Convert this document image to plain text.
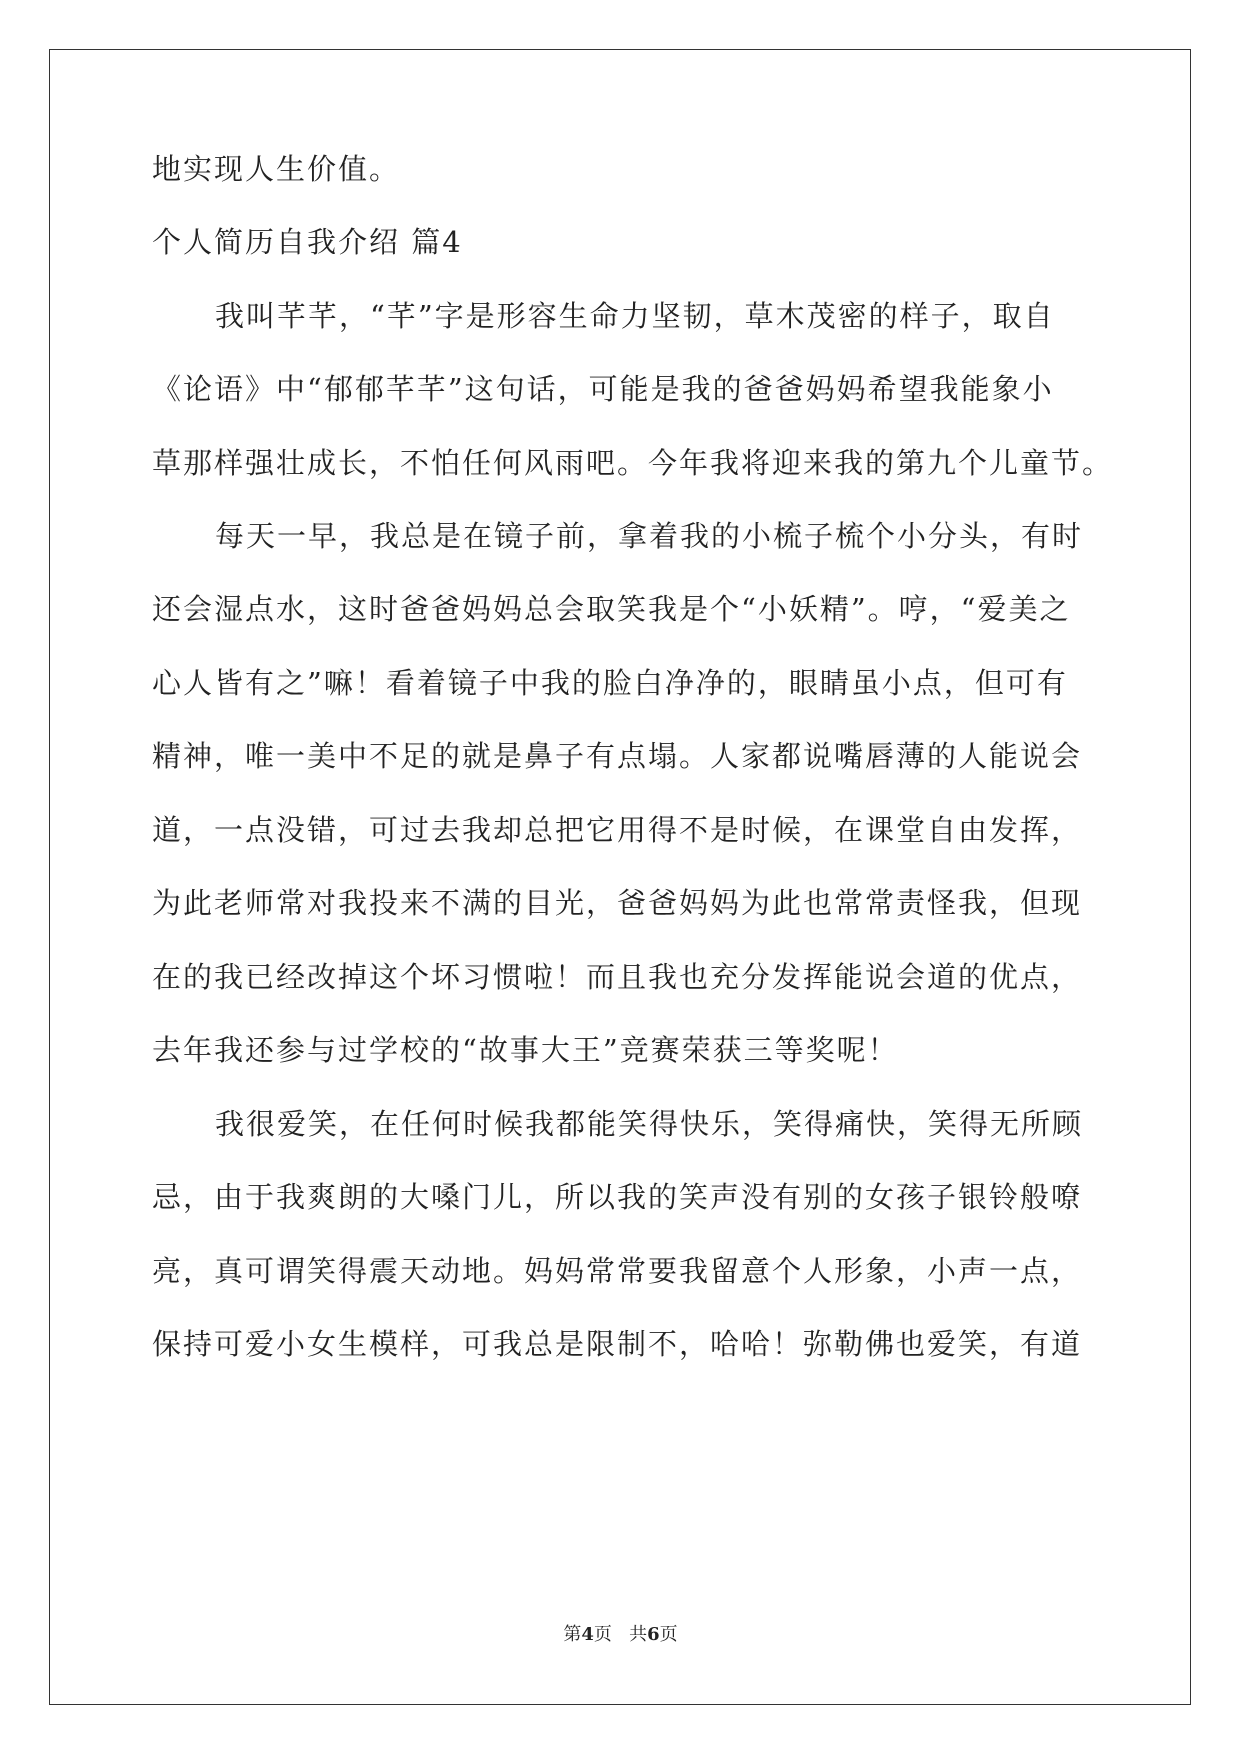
地实现人生价值。
个人简历自我介绍 篇4
我叫芊芊，“芊”字是形容生命力坚韧，草木茂密的样子，取自
《论语》中“郁郁芊芊”这句话，可能是我的爸爸妈妈希望我能象小
草那样强壮成长，不怕任何风雨吧。今年我将迎来我的第九个儿童节。
每天一早，我总是在镜子前，拿着我的小梳子梳个小分头，有时
还会湿点水，这时爸爸妈妈总会取笑我是个“小妖精”。哼，“爱美之
心人皆有之”嘛！看着镜子中我的脸白净净的，眼睛虽小点，但可有
精神，唯一美中不足的就是鼻子有点塌。人家都说嘴唇薄的人能说会
道，一点没错，可过去我却总把它用得不是时候，在课堂自由发挥，
为此老师常对我投来不满的目光，爸爸妈妈为此也常常责怪我，但现
在的我已经改掉这个坏习惯啦！而且我也充分发挥能说会道的优点，
去年我还参与过学校的“故事大王”竞赛荣获三等奖呢！
我很爱笑，在任何时候我都能笑得快乐，笑得痛快，笑得无所顾
忌，由于我爽朗的大嗓门儿，所以我的笑声没有别的女孩子银铃般嘹
亮，真可谓笑得震天动地。妈妈常常要我留意个人形象，小声一点，
保持可爱小女生模样，可我总是限制不，哈哈！弥勒佛也爱笑，有道
第4页 共6页
